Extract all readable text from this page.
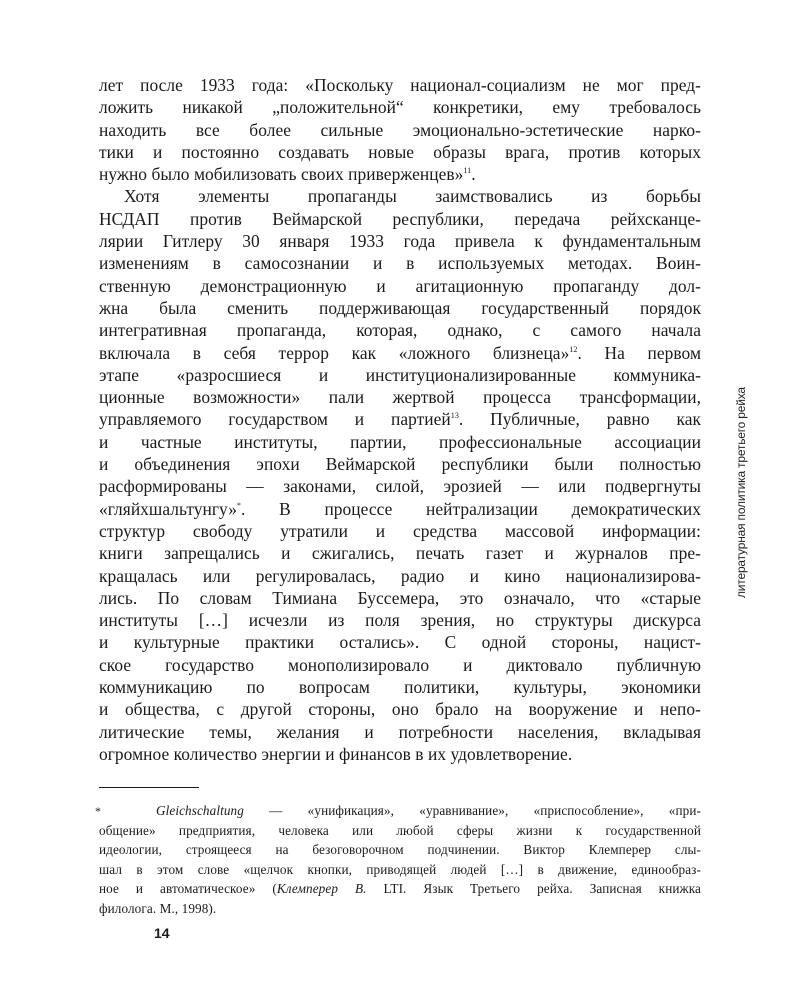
лет после 1933 года: «Поскольку национал-социализм не мог пред-
ложить никакой „положительной“ конкретики, ему требовалось
находить все более сильные эмоционально-эстетические нарко-
тики и постоянно создавать новые образы врага, против которых
нужно было мобилизовать своих приверженцев»$^{11}$.
Хотя элементы пропаганды заимствовались из борьбы
НСДАП против Веймарской республики, передача рейхсканце-
лярии Гитлеру 30 января 1933 года привела к фундаментальным
изменениям в самосознании и в используемых методах. Воин-
ственную демонстрационную и агитационную пропаганду дол-
жна была сменить поддерживающая государственный порядок
интегративная пропаганда, которая, однако, с самого начала
включала в себя террор как «ложного близнеца»$^{12}$. На первом
этапе «разросшиеся и институционализированные коммуника-
ционные возможности» пали жертвой процесса трансформации,
управляемого государством и партией$^{13}$. Публичные, равно как
и частные институты, партии, профессиональные ассоциации
и объединения эпохи Веймарской республики были полностью
расформированы — законами, силой, эрозией — или подвергнуты
«гляйхшальтунгу»*. В процессе нейтрализации демократических
структур свободу утратили и средства массовой информации:
книги запрещались и сжигались, печать газет и журналов пре-
кращалась или регулировалась, радио и кино национализирова-
лись. По словам Тимиана Буссемера, это означало, что «старые
институты […] исчезли из поля зрения, но структуры дискурса
и культурные практики остались». С одной стороны, нацист-
ское государство монополизировало и диктовало публичную
коммуникацию по вопросам политики, культуры, экономики
и общества, с другой стороны, оно брало на вооружение и непо-
литические темы, желания и потребности населения, вкладывая
огромное количество энергии и финансов в их удовлетворение.
*	Gleichschaltung — «унификация», «уравнивание», «приспособление», «при-
общение» предприятия, человека или любой сферы жизни к государственной
идеологии, строящееся на безоговорочном подчинении. Виктор Клемперер слы-
шал в этом слове «щелчок кнопки, приводящей людей […] в движение, единообраз-
ное и автоматическое» (Клемперер В. LTI. Язык Третьего рейха. Записная книжка
филолога. М., 1998).
литературная политика третьего рейха
14
